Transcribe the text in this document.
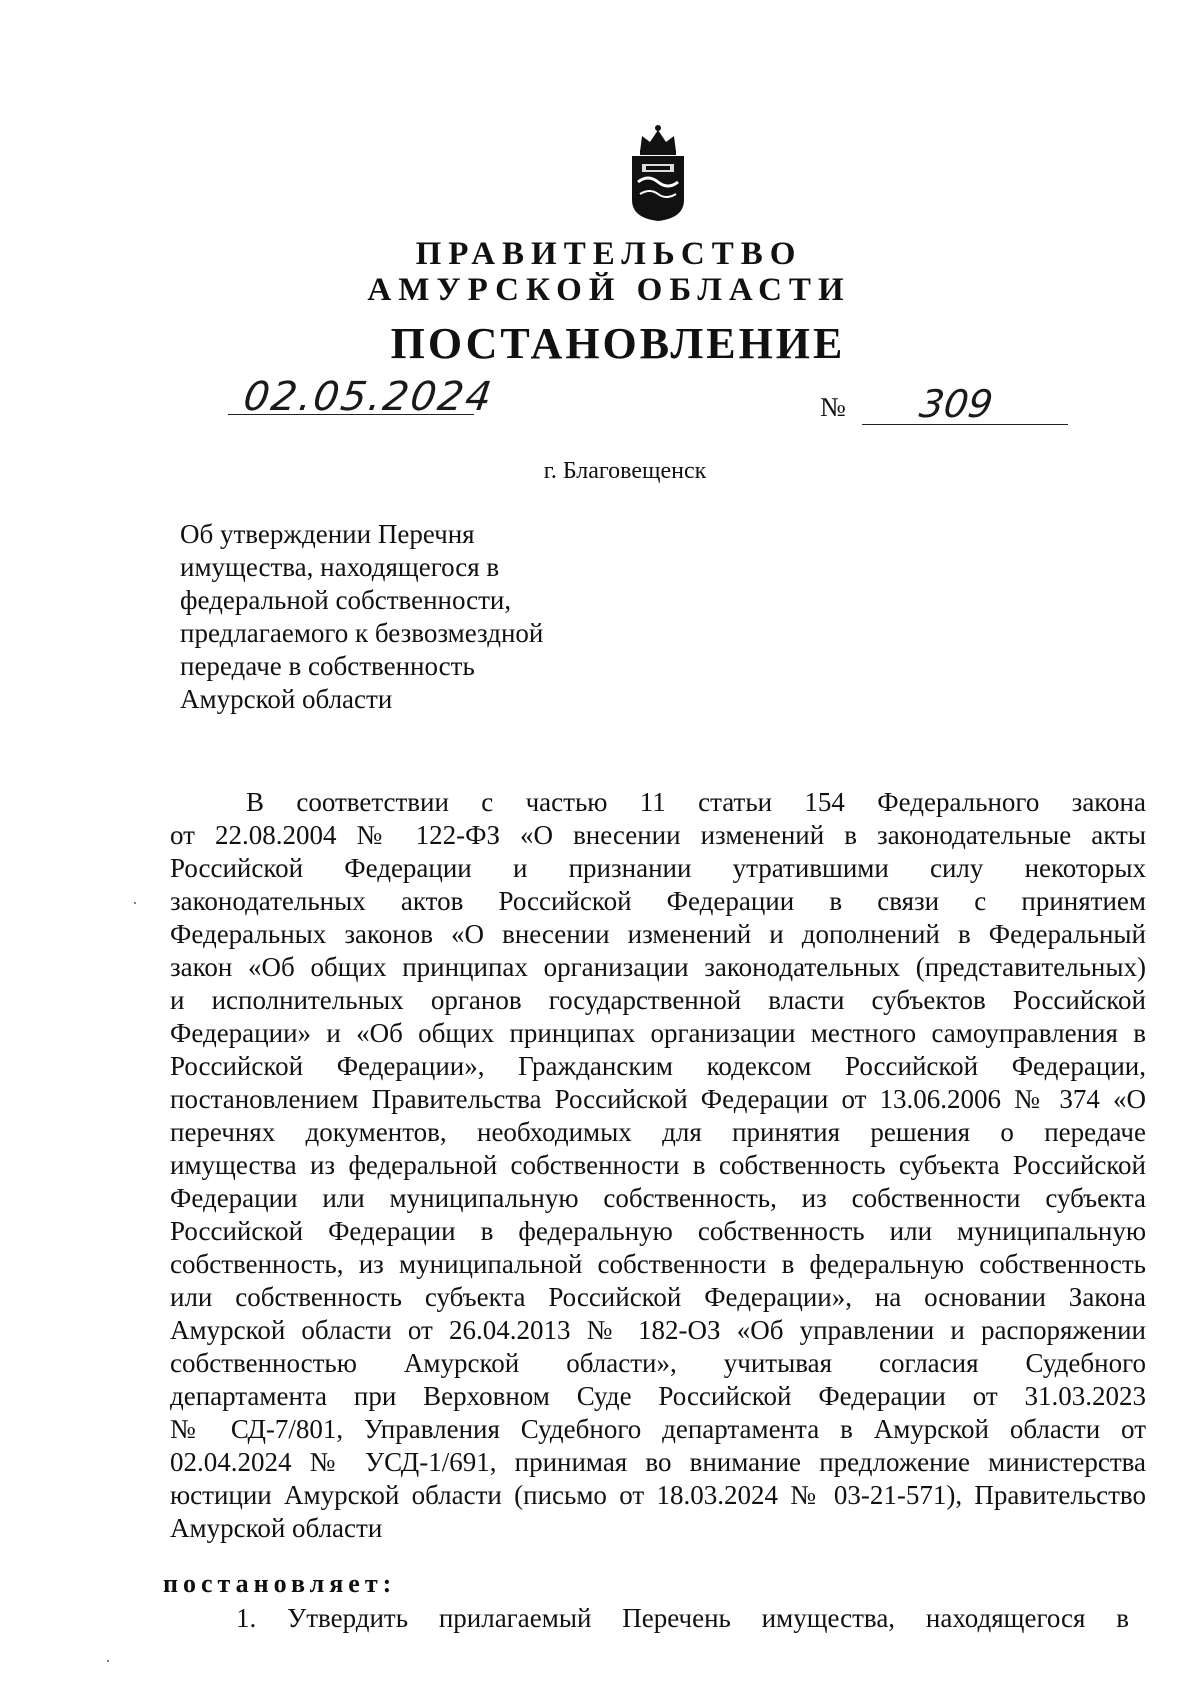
ПРАВИТЕЛЬСТВО
АМУРСКОЙ ОБЛАСТИ
ПОСТАНОВЛЕНИЕ
02.05.2024	№ 309
г. Благовещенск
Об утверждении Перечня
имущества, находящегося в
федеральной собственности,
предлагаемого к безвозмездной
передаче в собственность
Амурской области
В соответствии с частью 11 статьи 154 Федерального закона
от 22.08.2004 № 122-ФЗ «О внесении изменений в законодательные акты
Российской Федерации и признании утратившими силу некоторых
законодательных актов Российской Федерации в связи с принятием
Федеральных законов «О внесении изменений и дополнений в Федеральный
закон «Об общих принципах организации законодательных (представительных)
и исполнительных органов государственной власти субъектов Российской
Федерации» и «Об общих принципах организации местного самоуправления в
Российской Федерации», Гражданским кодексом Российской Федерации,
постановлением Правительства Российской Федерации от 13.06.2006 № 374 «О
перечнях документов, необходимых для принятия решения о передаче
имущества из федеральной собственности в собственность субъекта Российской
Федерации или муниципальную собственность, из собственности субъекта
Российской Федерации в федеральную собственность или муниципальную
собственность, из муниципальной собственности в федеральную собственность
или собственность субъекта Российской Федерации», на основании Закона
Амурской области от 26.04.2013 № 182-ОЗ «Об управлении и распоряжении
собственностью Амурской области», учитывая согласия Судебного
департамента при Верховном Суде Российской Федерации от 31.03.2023
№ СД-7/801, Управления Судебного департамента в Амурской области от
02.04.2024 № УСД-1/691, принимая во внимание предложение министерства
юстиции Амурской области (письмо от 18.03.2024 № 03-21-571), Правительство
Амурской области
постановляет:
1. Утвердить прилагаемый Перечень имущества, находящегося в
